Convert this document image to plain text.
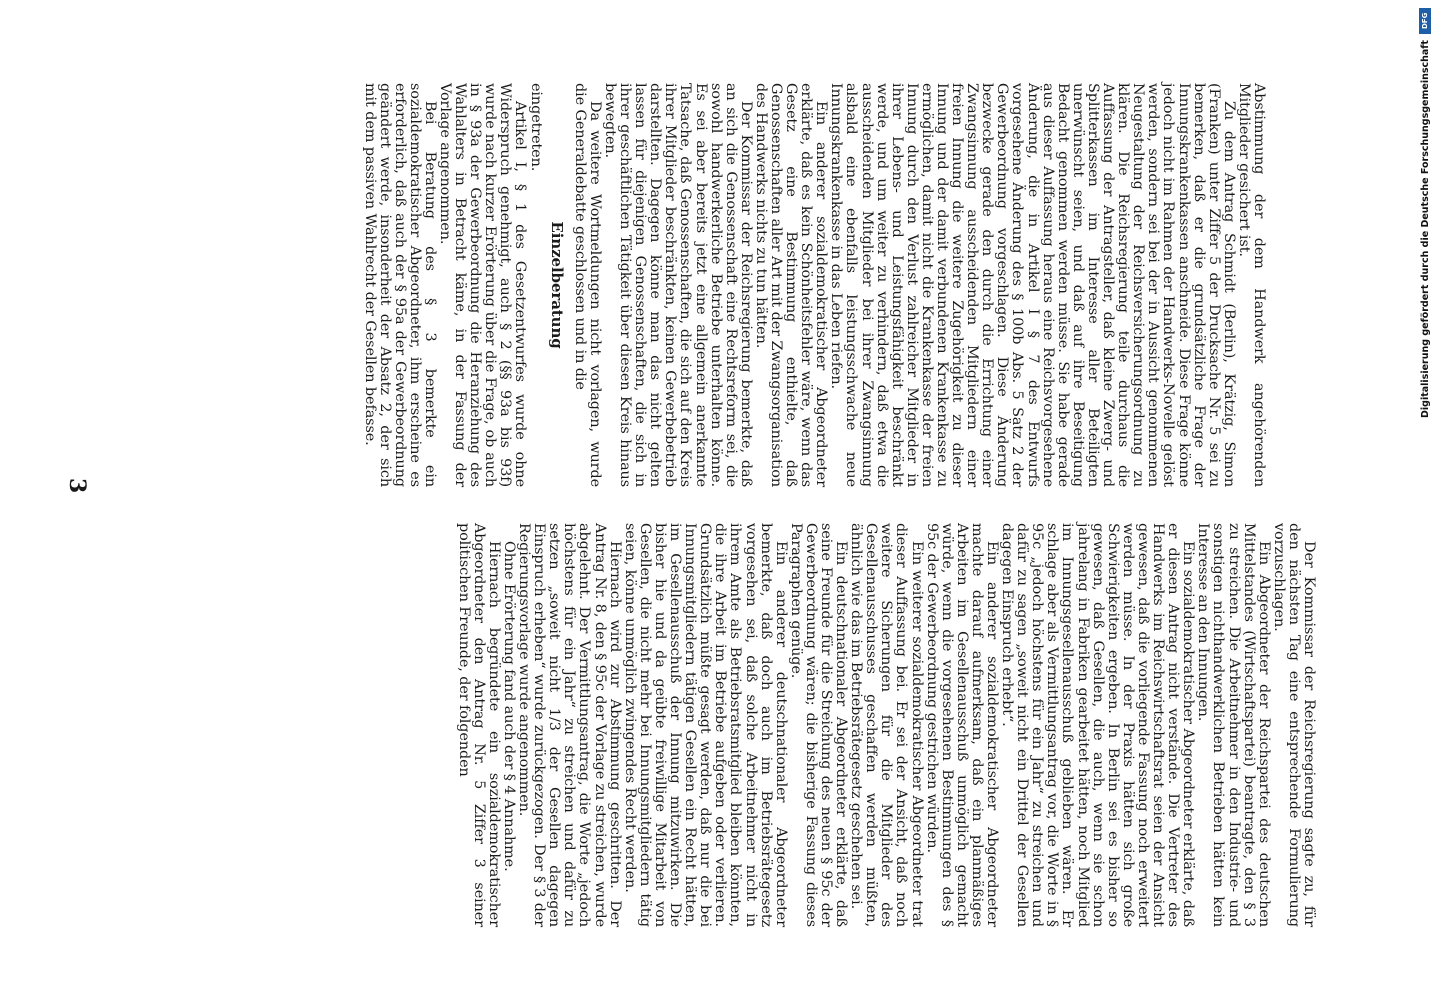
3	Abstimmung der dem Handwerk angehörenden Mitglieder gesichert ist.

Zu dem Antrag Schmidt (Berlin), Krätzig, Simon (Franken) unter Ziffer 5 der Drucksache Nr. 5 sei zu bemerken, daß er die grundsätzliche Frage der Innungskrankenkassen anschneide. Diese Frage könne jedoch nicht im Rahmen der Handwerks-Novelle gelöst werden, sondern sei bei der in Aussicht genommenen Neugestaltung der Reichsversicherungsordnung zu klären. Die Reichsregierung teile durchaus die Auffassung der Antragsteller, daß kleine Zwerg- und Splitterkassen im Interesse aller Beteiligten unerwünscht seien, und daß auf ihre Beseitigung Bedacht genommen werden müsse. Sie habe gerade aus dieser Auffassung heraus eine Reichsvorgesehene Änderung, die in Artikel I § 7 des Entwurfs vorgesehene Änderung des § 100b Abs. 5 Satz 2 der Gewerbeordnung vorgeschlagen. Diese Änderung bezwecke gerade den durch die Errichtung einer Zwangsinnung ausscheidenden Mitgliedern einer freien Innung die weitere Zugehörigkeit zu dieser Innung und der damit verbundenen Krankenkasse zu ermöglichen, damit nicht die Krankenkasse der freien Innung durch den Verlust zahlreicher Mitglieder in ihrer Lebens- und Leistungsfähigkeit beschränkt werde, und um weiter zu verhindern, daß etwa die ausscheidenden Mitglieder bei ihrer Zwangsinnung alsbald eine ebenfalls leistungsschwache neue Innungskrankenkasse in das Leben riefen.

Ein anderer sozialdemokratischer Abgeordneter erklärte, daß es kein Schönheitsfehler wäre, wenn das Gesetz eine Bestimmung enthielte, daß Genossenschaften aller Art mit der Zwangsorganisation des Handwerks nichts zu tun hätten.

Der Kommissar der Reichsregierung bemerkte, daß an sich die Genossenschaft eine Rechtsreform sei, die sowohl handwerkerliche Betriebe unterhalten könne. Es sei aber bereits jetzt eine allgemein anerkannte Tatsache, daß Genossenschaften, die sich auf den Kreis ihrer Mitglieder beschränkten, keinen Gewerbebetrieb darstellten. Dagegen könne man das nicht gelten lassen für diejenigen Genossenschaften, die sich in ihrer geschäftlichen Tätigkeit über diesen Kreis hinaus bewegten.

Da weitere Wortmeldungen nicht vorlagen, wurde die Generaldebatte geschlossen und in die

Einzelberatung

eingetreten.

Artikel I, § 1 des Gesetzentwurfes wurde ohne Widerspruch genehmigt, auch § 2 (§§ 93a bis 93f) wurde nach kurzer Erörterung über die Frage, ob auch in § 93a der Gewerbeordnung die Heranziehung des Wahlalters in Betracht käme, in der Fassung der Vorlage angenommen.

Bei Beratung des § 3 bemerkte ein sozialdemokratischer Abgeordneter, ihm erscheine es erforderlich, daß auch der § 95a der Gewerbeordnung geändert werde, insonderheit der Absatz 2, der sich mit dem passiven Wahlrecht der Gesellen befasse.

Der Kommissar der Reichsregierung sagte zu, für den nächsten Tag eine entsprechende Formulierung vorzuschlagen.

Ein Abgeordneter der Reichspartei des deutschen Mittelstandes (Wirtschaftspartei) beantragte, den § 3 zu streichen. Die Arbeitnehmer in den Industrie- und sonstigen nichthandwerklichen Betrieben hätten kein Interesse an den Innungen.

Ein sozialdemokratischer Abgeordneter erklärte, daß er diesen Antrag nicht verstände. Die Vertreter des Handwerks im Reichswirtschaftsrat seien der Ansicht gewesen, daß die vorliegende Fassung noch erweitert werden müsse. In der Praxis hätten sich große Schwierigkeiten ergeben. In Berlin sei es bisher so gewesen, daß Gesellen, die auch, wenn sie schon jahrelang in Fabriken gearbeitet hätten, noch Mitglied im Innungsgesellenausschuß geblieben wären. Er schlage aber als Vermittlungsantrag vor, die Worte in § 95c „jedoch höchstens für ein Jahr“ zu streichen und dafür zu sagen „soweit nicht ein Drittel der Gesellen dagegen Einspruch erhebt“.

Ein anderer sozialdemokratischer Abgeordneter machte darauf aufmerksam, daß ein planmäßiges Arbeiten im Gesellenausschuß unmöglich gemacht würde, wenn die vorgesehenen Bestimmungen des § 95c der Gewerbeordnung gestrichen würden.

Ein weiterer sozialdemokratischer Abgeordneter trat dieser Auffassung bei. Er sei der Ansicht, daß noch weitere Sicherungen für die Mitglieder des Gesellenausschusses geschaffen werden müßten, ähnlich wie das im Betriebsrätegesetz geschehen sei.

Ein deutschnationaler Abgeordneter erklärte, daß seine Freunde für die Streichung des neuen § 95c der Gewerbeordnung wären; die bisherige Fassung dieses Paragraphen genüge.

Ein anderer deutschnationaler Abgeordneter bemerkte, daß doch auch im Betriebsrätegesetz vorgesehen sei, daß solche Arbeitnehmer nicht in ihrem Amte als Betriebsratsmitglied bleiben könnten, die ihre Arbeit im Betriebe aufgeben oder verlieren. Grundsätzlich müßte gesagt werden, daß nur die bei Innungsmitgliedern tätigen Gesellen ein Recht hätten, im Gesellenausschuß der Innung mitzuwirken. Die bisher hie und da geübte freiwillige Mitarbeit von Gesellen, die nicht mehr bei Innungsmitgliedern tätig seien, könne unmöglich zwingendes Recht werden.

Hiernach wird zur Abstimmung geschritten. Der Antrag Nr. 8, den § 95c der Vorlage zu streichen, wurde abgelehnt. Der Vermittlungsantrag, die Worte „jedoch höchstens für ein Jahr“ zu streichen und dafür zu setzen „soweit nicht 1/3 der Gesellen dagegen Einspruch erheben“ wurde zurückgezogen. Der § 3 der Regierungsvorlage wurde angenommen.

Ohne Erörterung fand auch der § 4 Annahme.

Hiernach begründete ein sozialdemokratischer Abgeordneter den Antrag Nr. 5 Ziffer 3 seiner politischen Freunde, der folgenden

DFG
Digitalisierung gefördert durch die Deutsche Forschungsgemeinschaft
